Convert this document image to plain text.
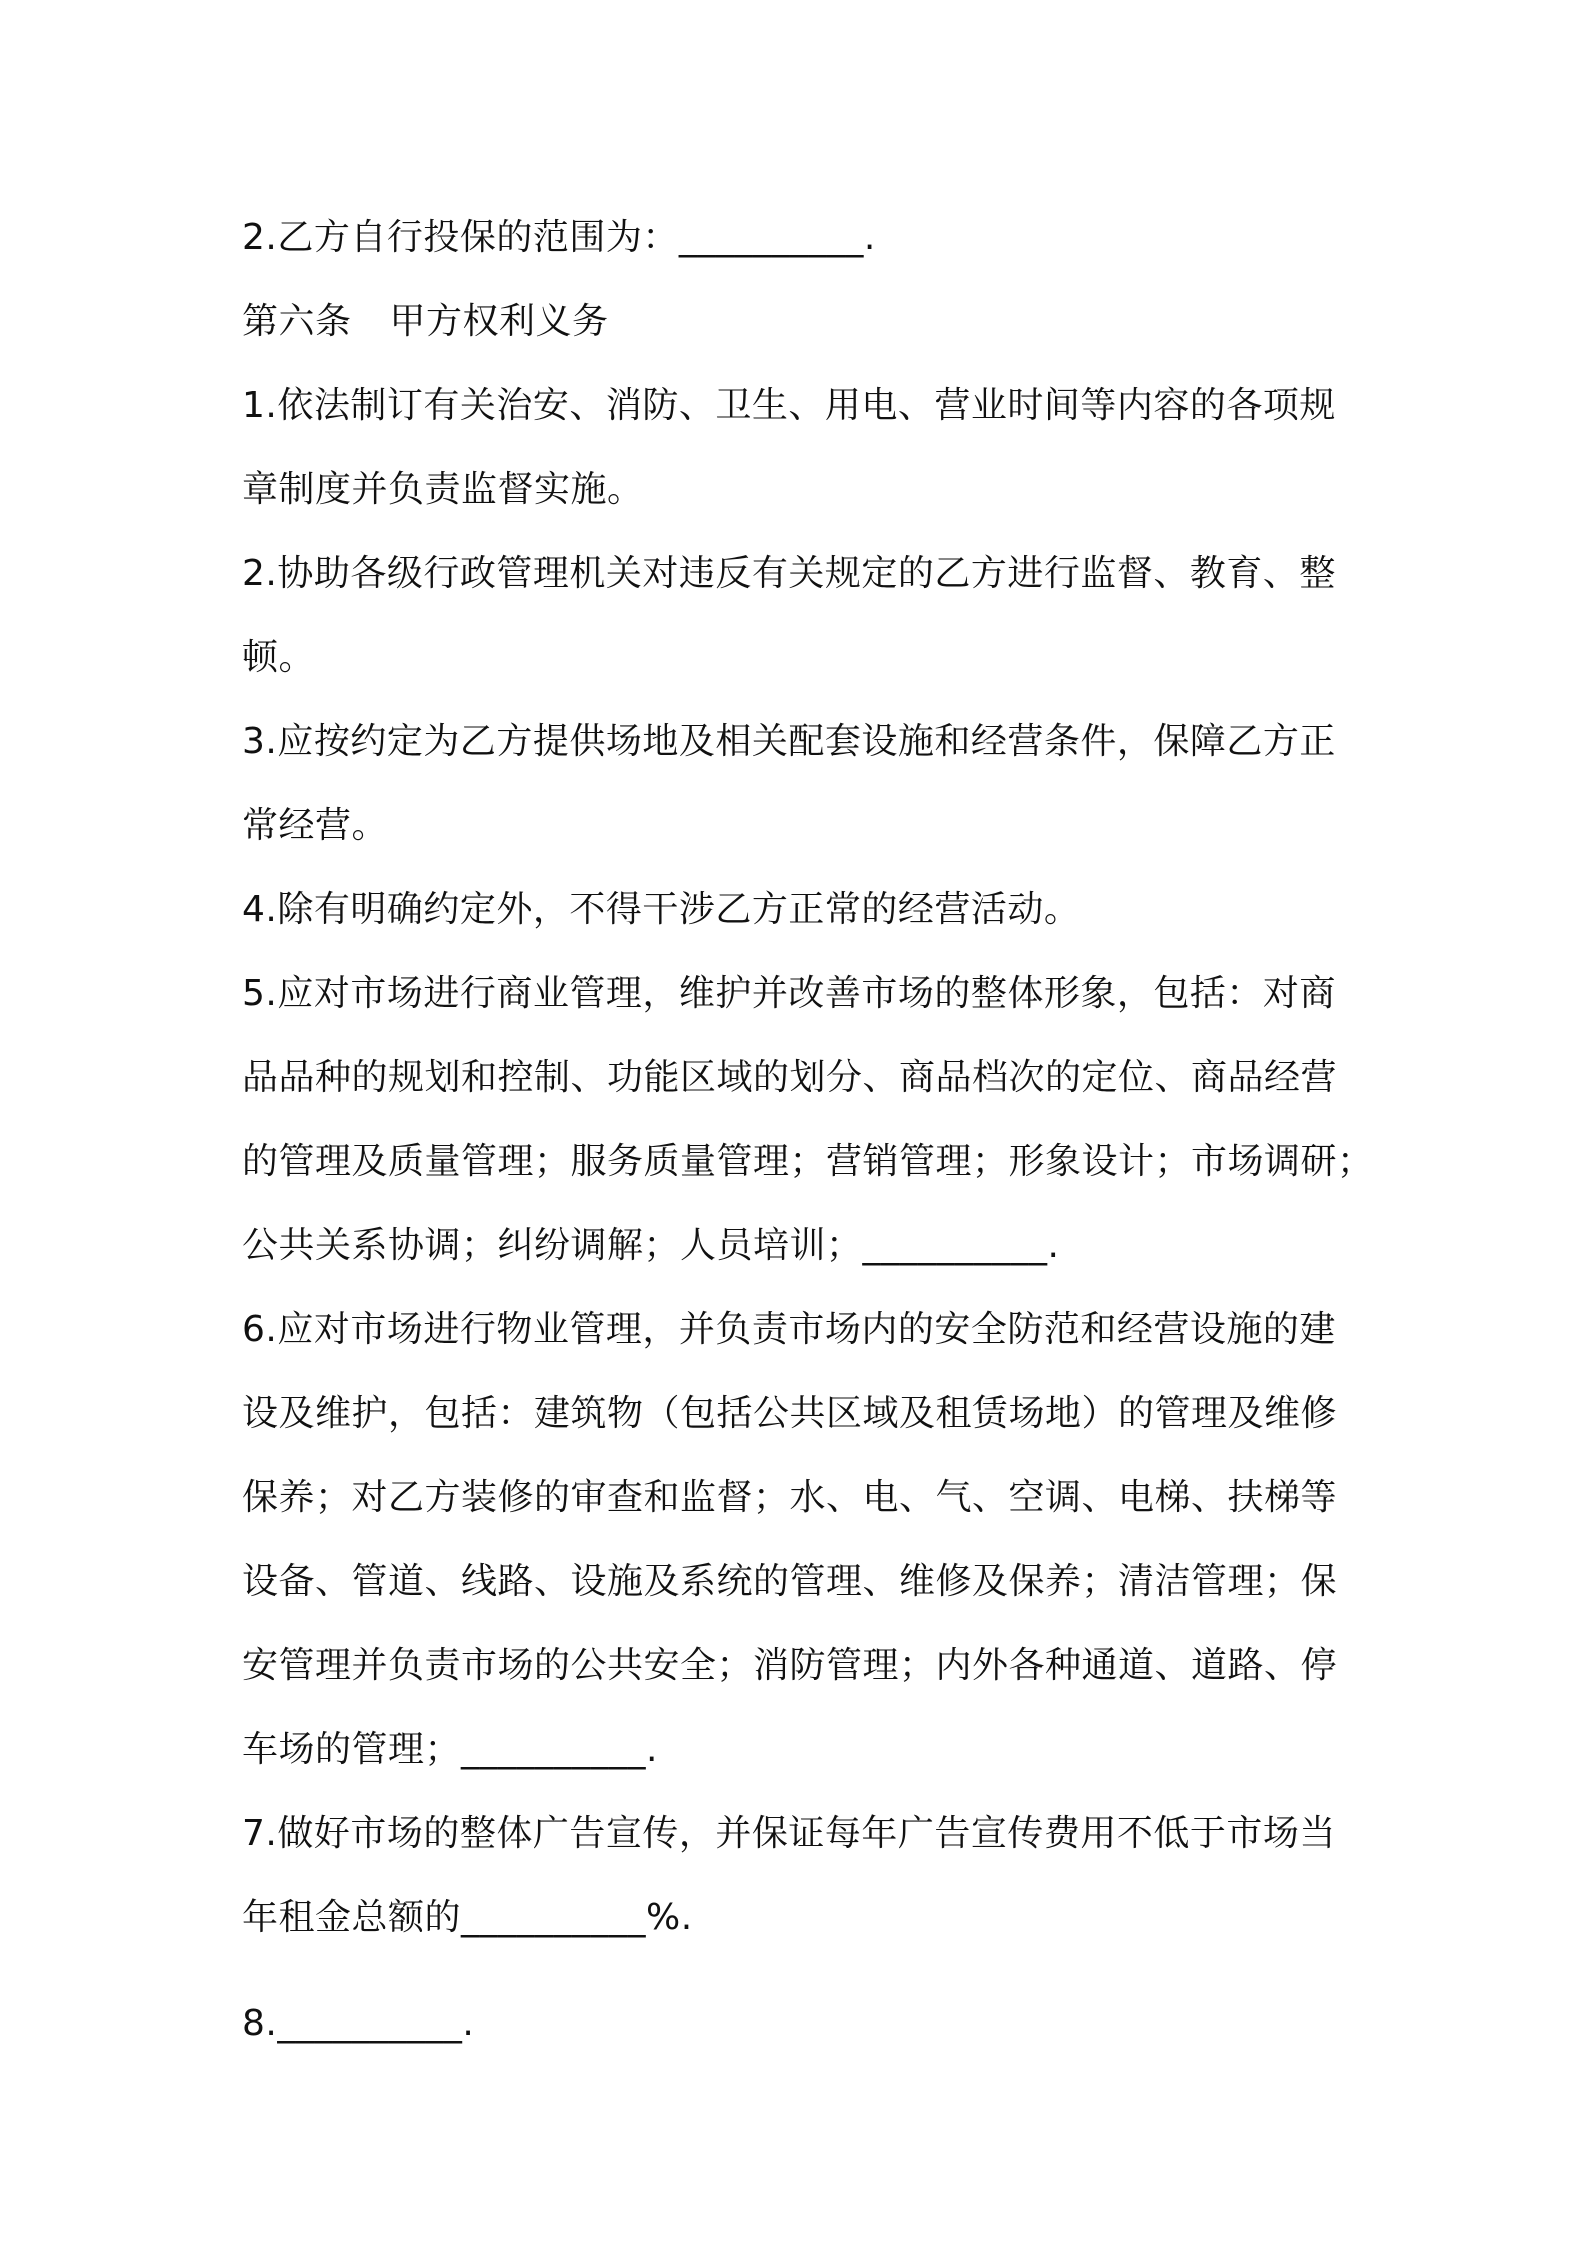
2.乙方自行投保的范围为：__________.
第六条 甲方权利义务
1.依法制订有关治安、消防、卫生、用电、营业时间等内容的各项规
章制度并负责监督实施。
2.协助各级行政管理机关对违反有关规定的乙方进行监督、教育、整
顿。
3.应按约定为乙方提供场地及相关配套设施和经营条件，保障乙方正
常经营。
4.除有明确约定外，不得干涉乙方正常的经营活动。
5.应对市场进行商业管理，维护并改善市场的整体形象，包括：对商
品品种的规划和控制、功能区域的划分、商品档次的定位、商品经营
的管理及质量管理；服务质量管理；营销管理；形象设计；市场调研；
公共关系协调；纠纷调解；人员培训；__________.
6.应对市场进行物业管理，并负责市场内的安全防范和经营设施的建
设及维护，包括：建筑物（包括公共区域及租赁场地）的管理及维修
保养；对乙方装修的审查和监督；水、电、气、空调、电梯、扶梯等
设备、管道、线路、设施及系统的管理、维修及保养；清洁管理；保
安管理并负责市场的公共安全；消防管理；内外各种通道、道路、停
车场的管理；__________.
7.做好市场的整体广告宣传，并保证每年广告宣传费用不低于市场当
年租金总额的__________%.
8.__________.
